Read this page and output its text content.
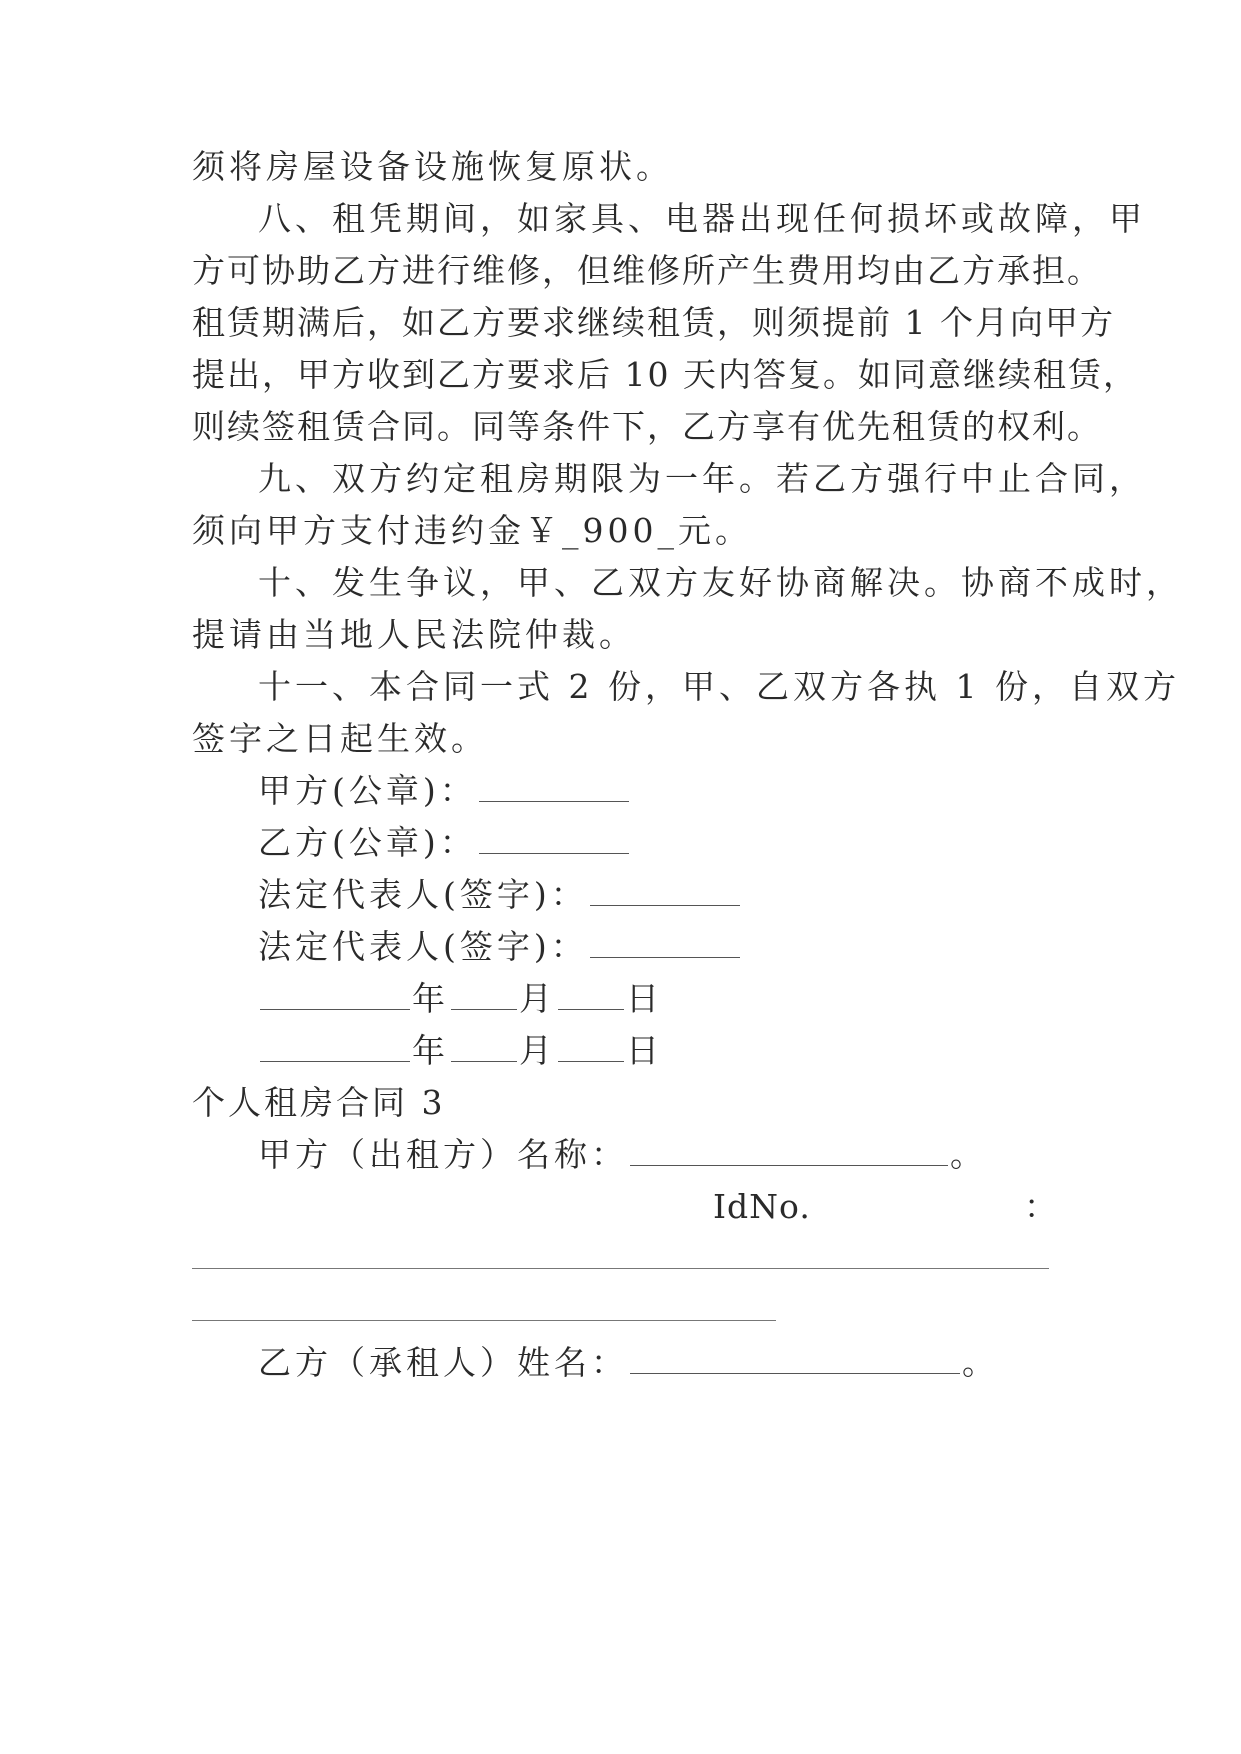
须将房屋设备设施恢复原状。
八、租凭期间，如家具、电器出现任何损坏或故障，甲
方可协助乙方进行维修，但维修所产生费用均由乙方承担。
租赁期满后，如乙方要求继续租赁，则须提前 1 个月向甲方
提出，甲方收到乙方要求后 10 天内答复。如同意继续租赁，
则续签租赁合同。同等条件下，乙方享有优先租赁的权利。
九、双方约定租房期限为一年。若乙方强行中止合同，
须向甲方支付违约金￥_900_元。
十、发生争议，甲、乙双方友好协商解决。协商不成时，
提请由当地人民法院仲裁。
十一、本合同一式 2 份，甲、乙双方各执 1 份，自双方
签字之日起生效。
甲方(公章)：
乙方(公章)：
法定代表人(签字)：
法定代表人(签字)：
年 月 日
年 月 日
个人租房合同 3
甲方（出租方）名称：	。
IdNo.	：
乙方（承租人）姓名：	。
